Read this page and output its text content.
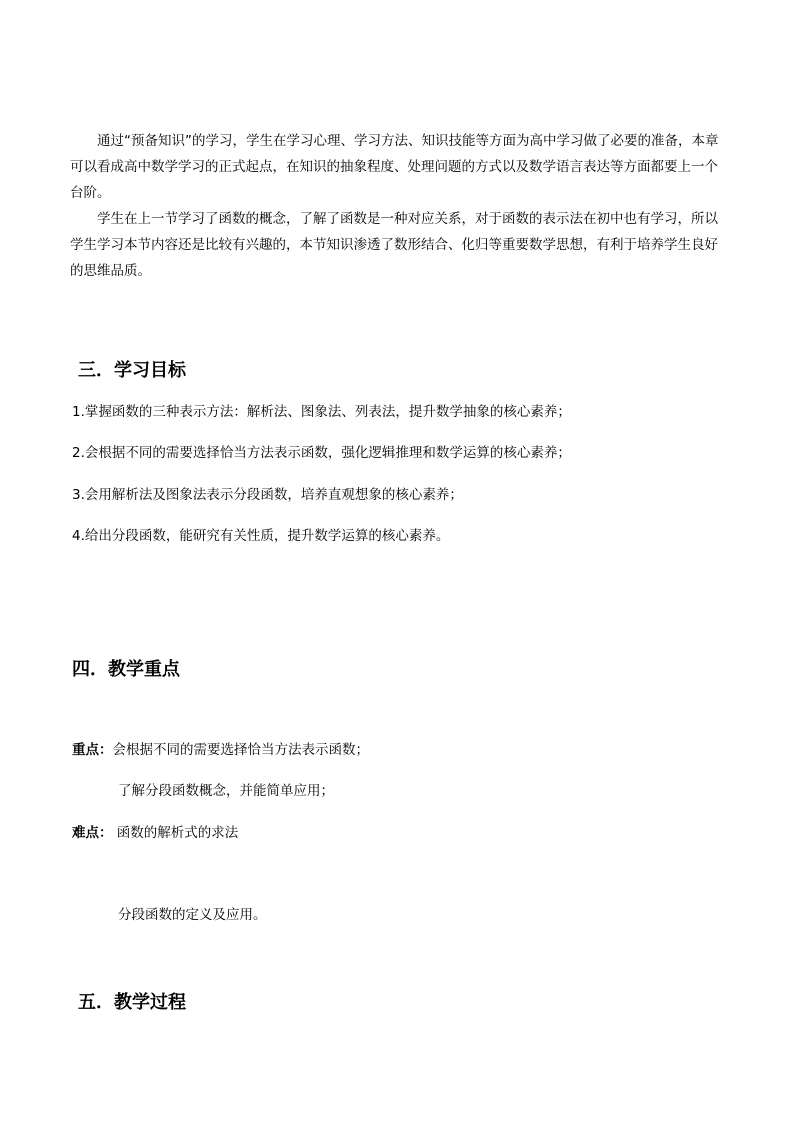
通过“预备知识”的学习，学生在学习心理、学习方法、知识技能等方面为高中学习做了必要的准备，本章可以看成高中数学学习的正式起点，在知识的抽象程度、处理问题的方式以及数学语言表达等方面都要上一个台阶。

学生在上一节学习了函数的概念，了解了函数是一种对应关系，对于函数的表示法在初中也有学习，所以学生学习本节内容还是比较有兴趣的，本节知识渗透了数形结合、化归等重要数学思想，有利于培养学生良好的思维品质。

三．学习目标

1.掌握函数的三种表示方法：解析法、图象法、列表法，提升数学抽象的核心素养；

2.会根据不同的需要选择恰当方法表示函数，强化逻辑推理和数学运算的核心素养；

3.会用解析法及图象法表示分段函数，培养直观想象的核心素养；

4.给出分段函数，能研究有关性质，提升数学运算的核心素养。

四．教学重点

重点：会根据不同的需要选择恰当方法表示函数；

了解分段函数概念，并能简单应用；

难点： 函数的解析式的求法

分段函数的定义及应用。

五．教学过程
